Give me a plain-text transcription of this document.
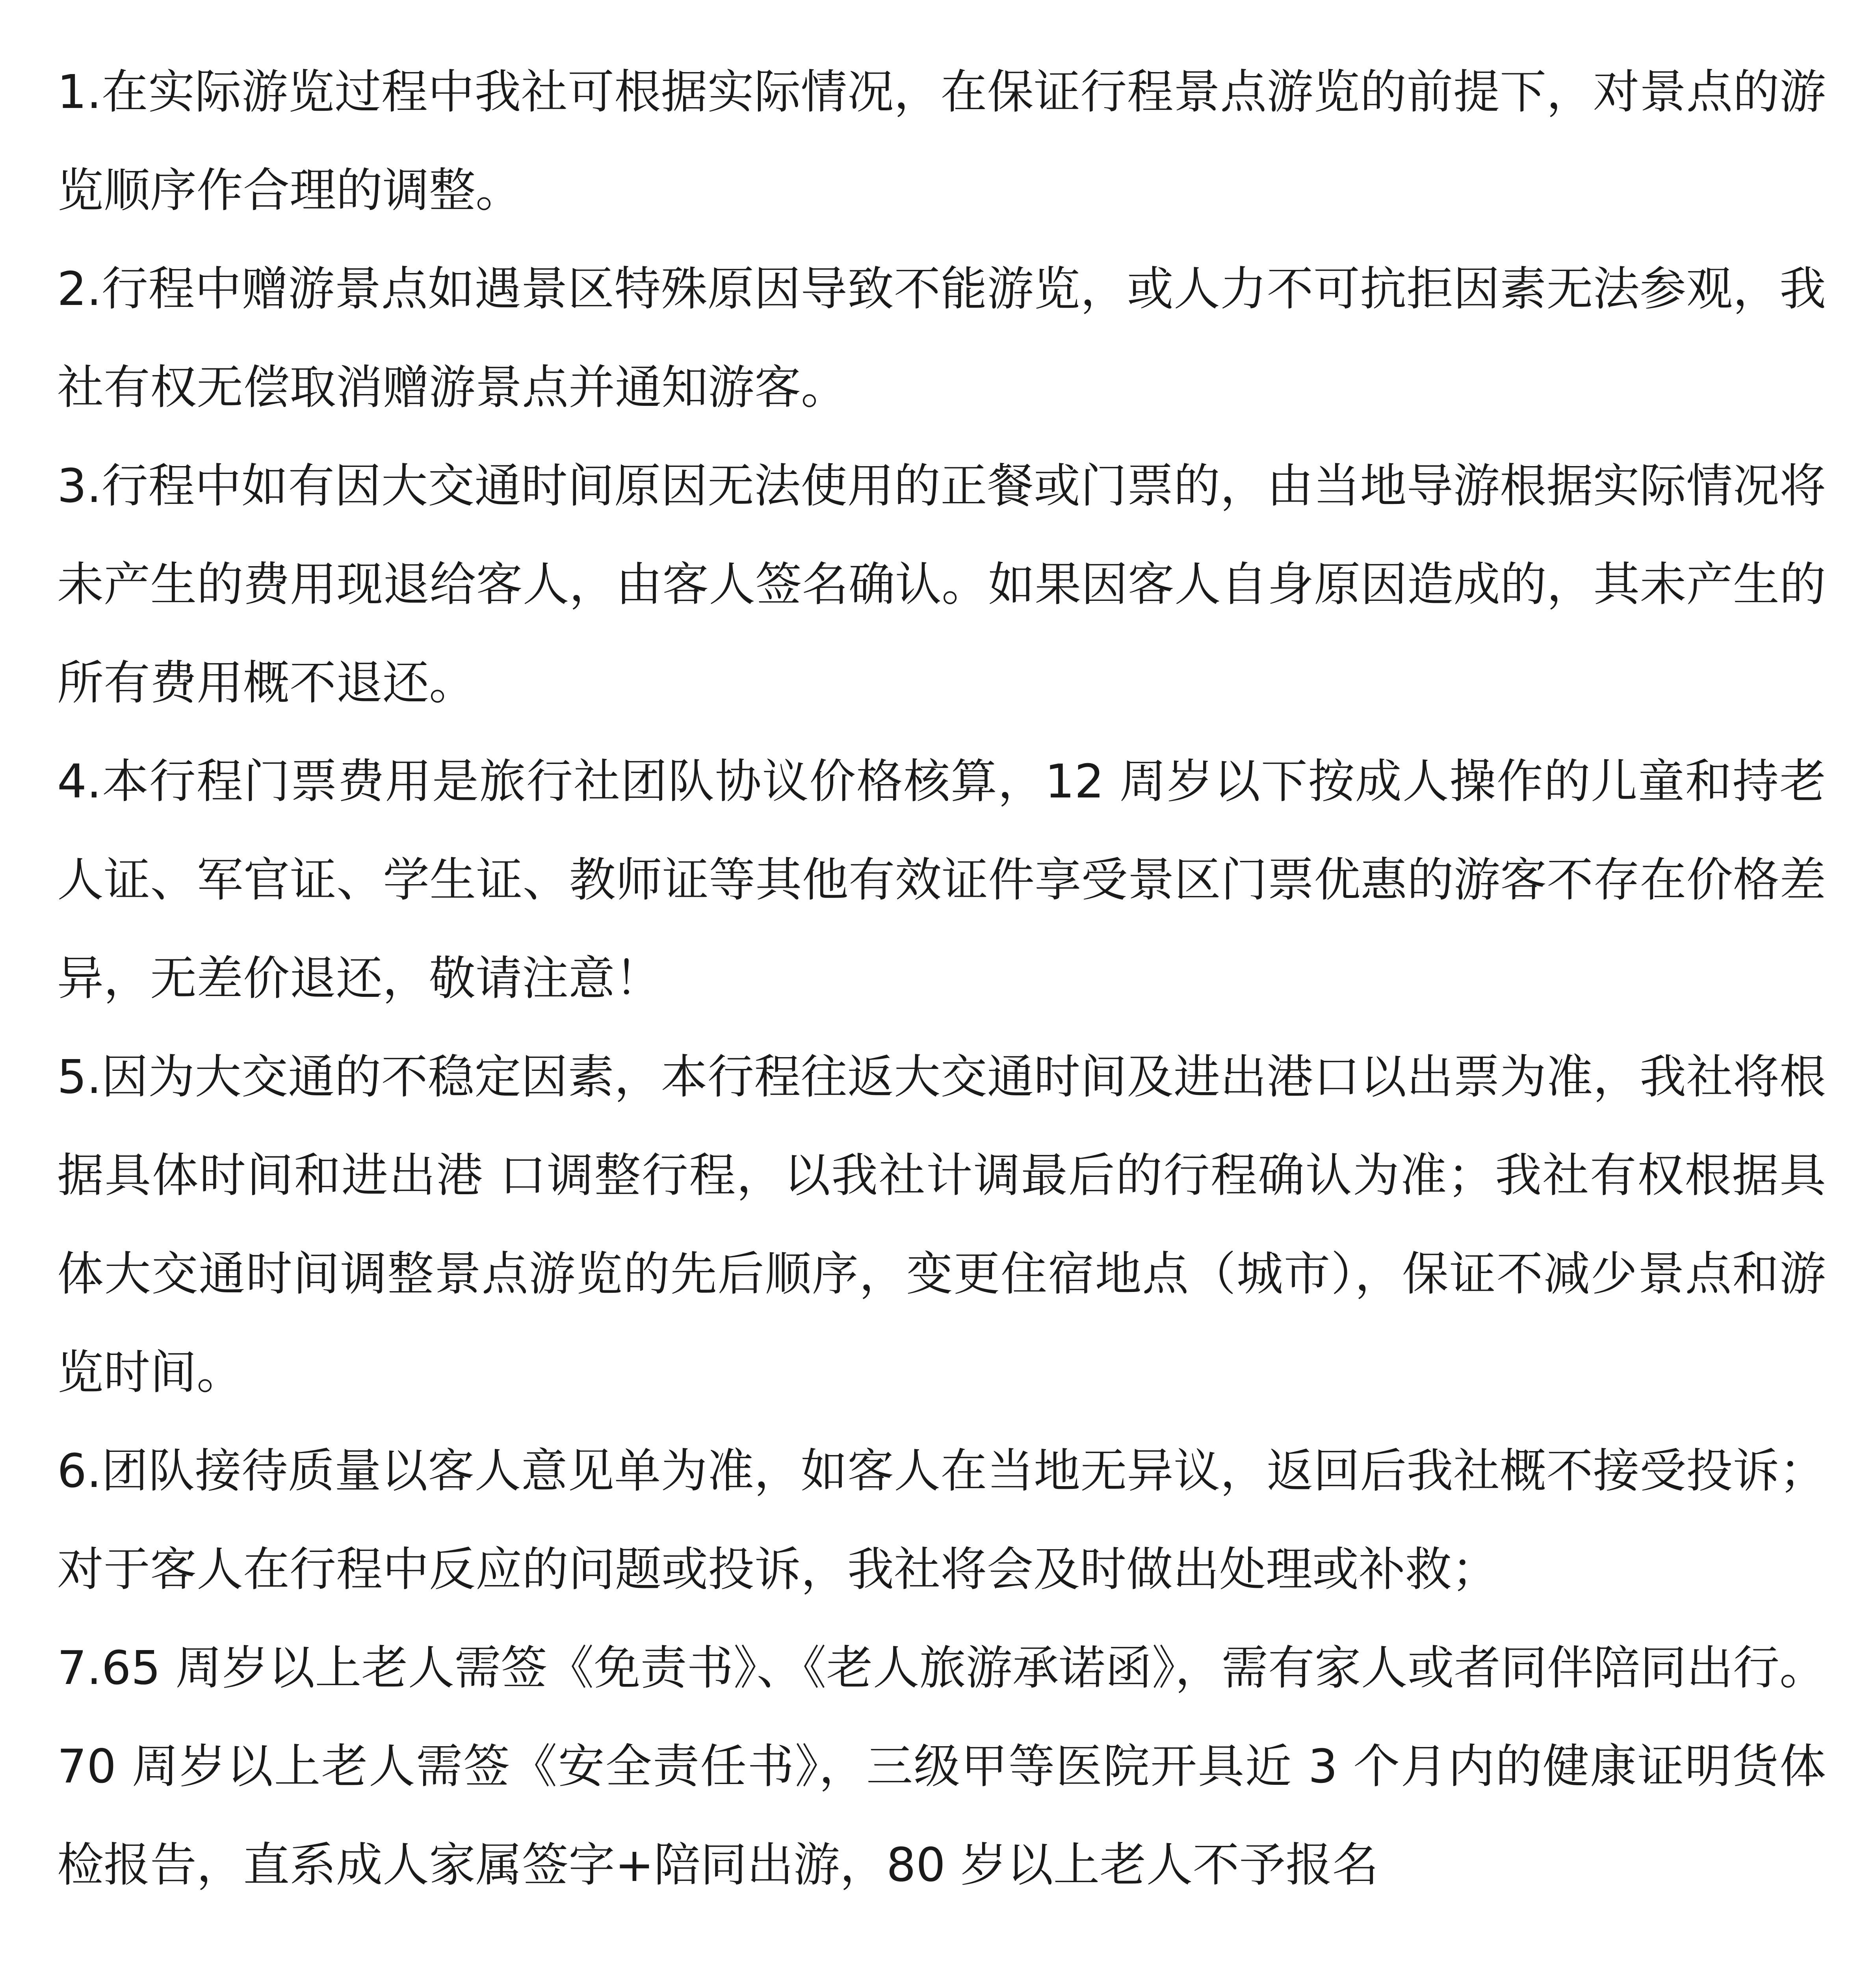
1.在实际游览过程中我社可根据实际情况，在保证行程景点游览的前提下，对景点的游览顺序作合理的调整。

2.行程中赠游景点如遇景区特殊原因导致不能游览，或人力不可抗拒因素无法参观，我社有权无偿取消赠游景点并通知游客。

3.行程中如有因大交通时间原因无法使用的正餐或门票的，由当地导游根据实际情况将未产生的费用现退给客人，由客人签名确认。如果因客人自身原因造成的，其未产生的所有费用概不退还。

4.本行程门票费用是旅行社团队协议价格核算，12 周岁以下按成人操作的儿童和持老人证、军官证、学生证、教师证等其他有效证件享受景区门票优惠的游客不存在价格差异，无差价退还，敬请注意！

5.因为大交通的不稳定因素，本行程往返大交通时间及进出港口以出票为准，我社将根据具体时间和进出港 口调整行程，以我社计调最后的行程确认为准；我社有权根据具体大交通时间调整景点游览的先后顺序，变更住宿地点（城市），保证不减少景点和游览时间。

6.团队接待质量以客人意见单为准，如客人在当地无异议，返回后我社概不接受投诉；对于客人在行程中反应的问题或投诉，我社将会及时做出处理或补救；

7.65 周岁以上老人需签《免责书》、《老人旅游承诺函》，需有家人或者同伴陪同出行。70 周岁以上老人需签《安全责任书》，三级甲等医院开具近 3 个月内的健康证明货体检报告，直系成人家属签字+陪同出游，80 岁以上老人不予报名
